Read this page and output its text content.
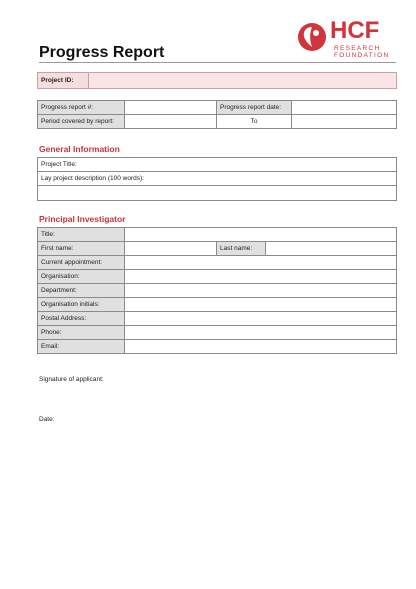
HCF
RESEARCH
FOUNDATION
Progress Report
Project ID:	
Progress report #:		Progress report date:	
Period covered by report:		To	
General Information
Project Title:
Lay project description (100 words):

Principal Investigator
Title:			
First name:		Last name:	
Current appointment:			
Organisation:			
Department:			
Organisation initials:			
Postal Address:			
Phone:			
Email:			
Signature of applicant:
Date:
